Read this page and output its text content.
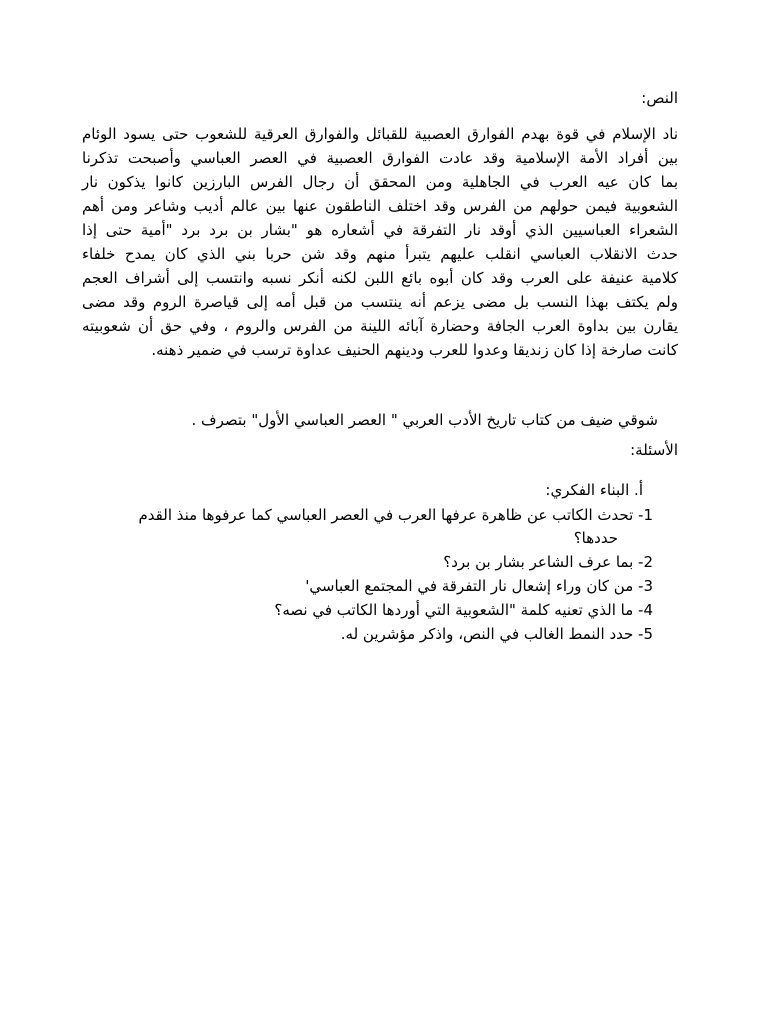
النص:
ناد الإسلام في قوة بهدم الفوارق العصبية للقبائل والفوارق العرقية للشعوب حتى يسود الوئام
بين أفراد الأمة الإسلامية وقد عادت الفوارق العصبية في العصر العباسي وأصبحت تذكرنا
بما كان عيه العرب في الجاهلية ومن المحقق أن رجال الفرس البارزين كانوا يذكون نار
الشعوبية فيمن حولهم من الفرس وقد اختلف الناطقون عنها بين عالم أديب وشاعر ومن أهم
الشعراء العباسيين الذي أوقد نار التفرقة في أشعاره هو "بشار بن برد برد "أمية حتى إذا
حدث الانقلاب العباسي انقلب عليهم يتبرأ منهم وقد شن حربا بني الذي كان يمدح خلفاء
كلامية عنيفة على العرب وقد كان أبوه بائع اللبن لكنه أنكر نسبه وانتسب إلى أشراف العجم
ولم يكتف بهذا النسب بل مضى يزعم أنه ينتسب من قبل أمه إلى قياصرة الروم وقد مضى
يقارن بين بداوة العرب الجافة وحضارة آبائه اللينة من الفرس والروم ، وفي حق أن شعوبيته
كانت صارخة إذا كان زنديقا وعدوا للعرب ودينهم الحنيف عداوة ترسب في ضمير ذهنه.
شوقي ضيف من كتاب تاريخ الأدب العربي " العصر العباسي الأول" بتصرف .
الأسئلة:
أ. البناء الفكري:
1- تحدث الكاتب عن ظاهرة عرفها العرب في العصر العباسي كما عرفوها منذ القدم
حددها؟
2- بما عرف الشاعر بشار بن برد؟
3- من كان وراء إشعال نار التفرقة في المجتمع العباسي'
4- ما الذي تعنيه كلمة "الشعوبية التي أوردها الكاتب في نصه؟
5- حدد النمط الغالب في النص، واذكر مؤشرين له.
